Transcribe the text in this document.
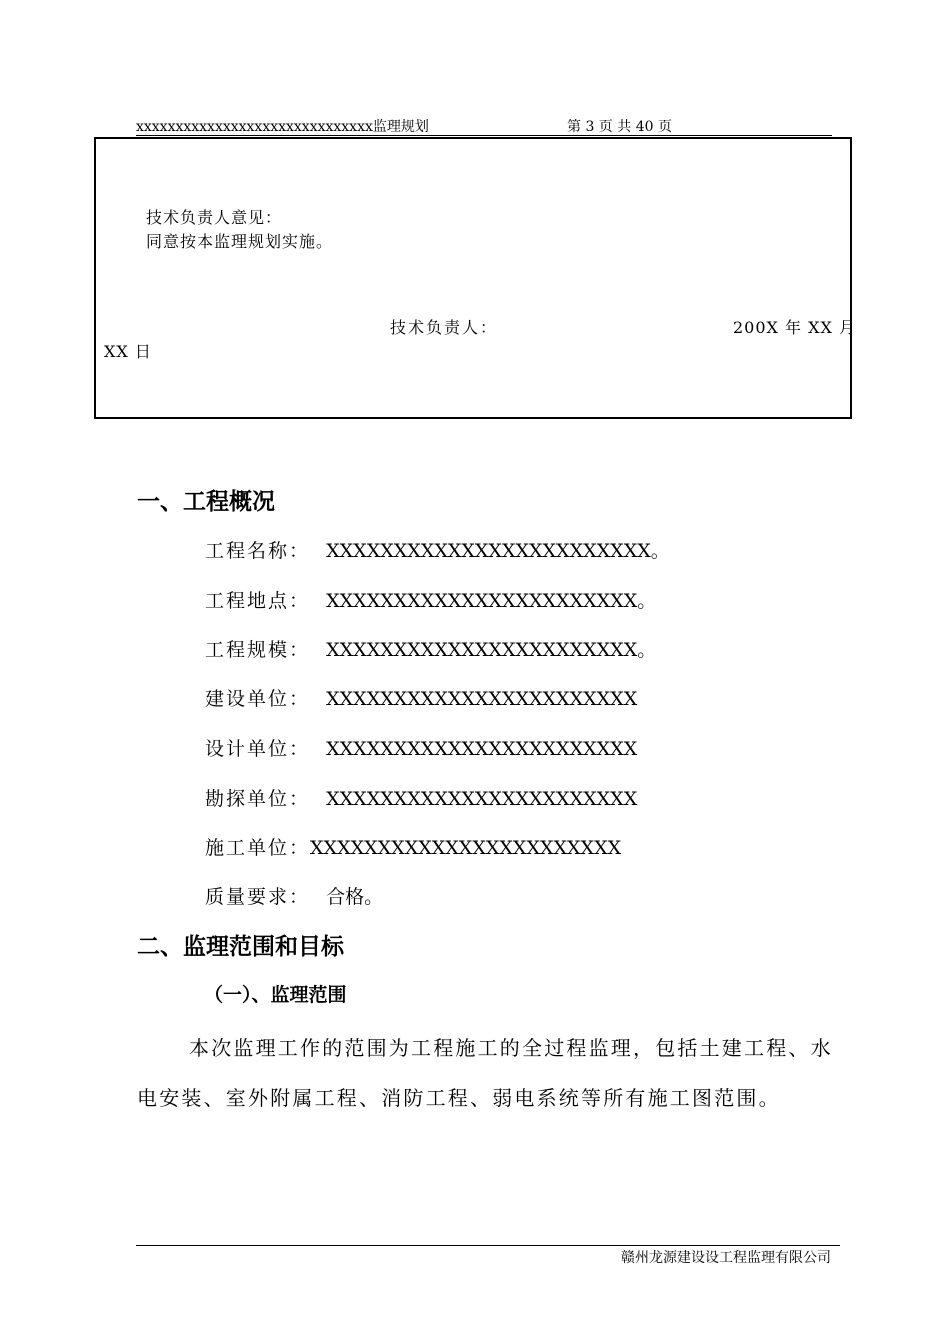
xxxxxxxxxxxxxxxxxxxxxxxxxxxxxx监理规划	第 3 页 共 40 页
技术负责人意见：
同意按本监理规划实施。
技术负责人：	200X 年 XX 月
XX 日
一、工程概况
工程名称： XXXXXXXXXXXXXXXXXXXXXXXX。
工程地点： XXXXXXXXXXXXXXXXXXXXXXX。
工程规模： XXXXXXXXXXXXXXXXXXXXXXX。
建设单位： XXXXXXXXXXXXXXXXXXXXXXX
设计单位： XXXXXXXXXXXXXXXXXXXXXXX
勘探单位： XXXXXXXXXXXXXXXXXXXXXXX
施工单位：XXXXXXXXXXXXXXXXXXXXXXX
质量要求： 合格。
二、监理范围和目标
（一）、监理范围
本次监理工作的范围为工程施工的全过程监理，包括土建工程、水电安装、室外附属工程、消防工程、弱电系统等所有施工图范围。
赣州龙源建设设工程监理有限公司
